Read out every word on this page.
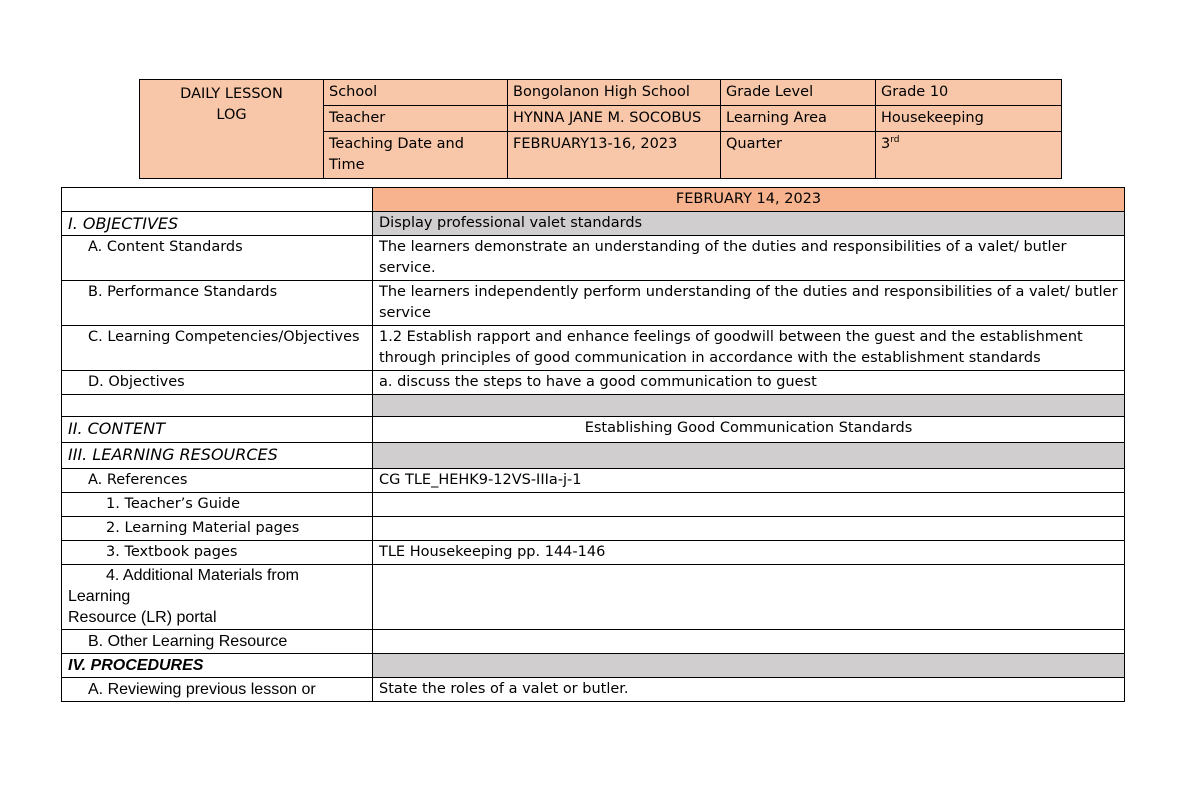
DAILY LESSON
LOG	School	Bongolanon High School	Grade Level	Grade 10
	Teacher	HYNNA JANE M. SOCOBUS	Learning Area	Housekeeping
	Teaching Date and Time	FEBRUARY13-16, 2023	Quarter	3rd
	FEBRUARY 14, 2023
I. OBJECTIVES	Display professional valet standards
A. Content Standards	The learners demonstrate an understanding of the duties and responsibilities of a valet/ butler service.
B. Performance Standards	The learners independently perform understanding of the duties and responsibilities of a valet/ butler service
C. Learning Competencies/Objectives	1.2 Establish rapport and enhance feelings of goodwill between the guest and the establishment through principles of good communication in accordance with the establishment standards
D. Objectives	a. discuss the steps to have a good communication to guest

II. CONTENT	Establishing Good Communication Standards
III. LEARNING RESOURCES	
A. References	CG TLE_HEHK9-12VS-IIIa-j-1
1. Teacher’s Guide	
2. Learning Material pages	
3. Textbook pages	TLE Housekeeping pp. 144-146

4. Additional Materials from
Learning
Resource (LR) portal	

B. Other Learning Resource	
IV. PROCEDURES	
A. Reviewing previous lesson or	State the roles of a valet or butler.
